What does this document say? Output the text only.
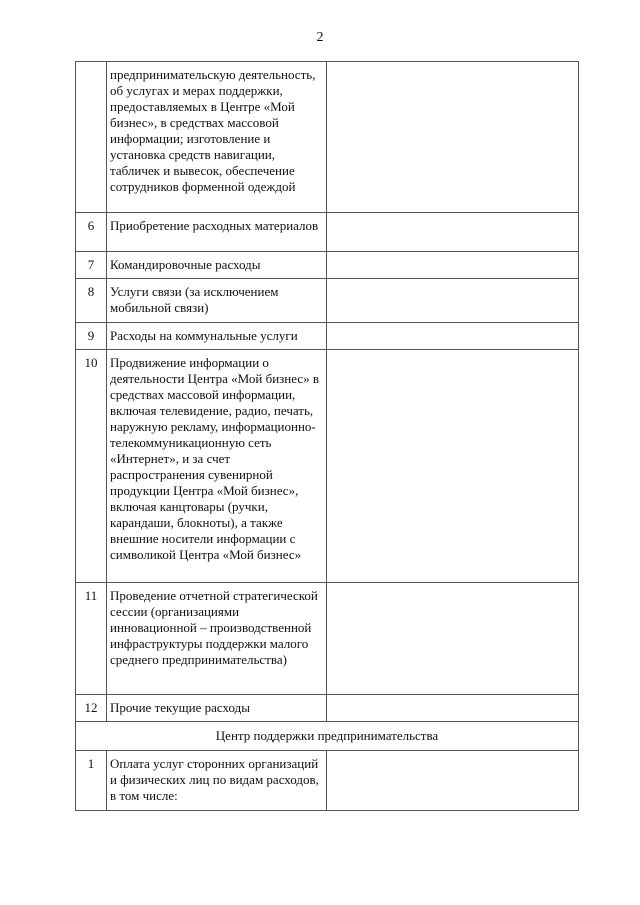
2
	предпринимательскую деятельность, об услугах и мерах поддержки, предоставляемых в Центре «Мой бизнес», в средствах массовой информации; изготовление и установка средств навигации, табличек и вывесок, обеспечение сотрудников форменной одеждой	
6	Приобретение расходных материалов	
7	Командировочные расходы	
8	Услуги связи (за исключением мобильной связи)	
9	Расходы на коммунальные услуги	
10	Продвижение информации о деятельности Центра «Мой бизнес» в средствах массовой информации, включая телевидение, радио, печать, наружную рекламу, информационно-телекоммуникационную сеть «Интернет», и за счет распространения сувенирной продукции Центра «Мой бизнес», включая канцтовары (ручки, карандаши, блокноты), а также внешние носители информации с символикой Центра «Мой бизнес»	
11	Проведение отчетной стратегической сессии (организациями инновационной – производственной инфраструктуры поддержки малого среднего предпринимательства)	
12	Прочие текущие расходы	
Центр поддержки предпринимательства		
1	Оплата услуг сторонних организаций и физических лиц по видам расходов, в том числе:	
